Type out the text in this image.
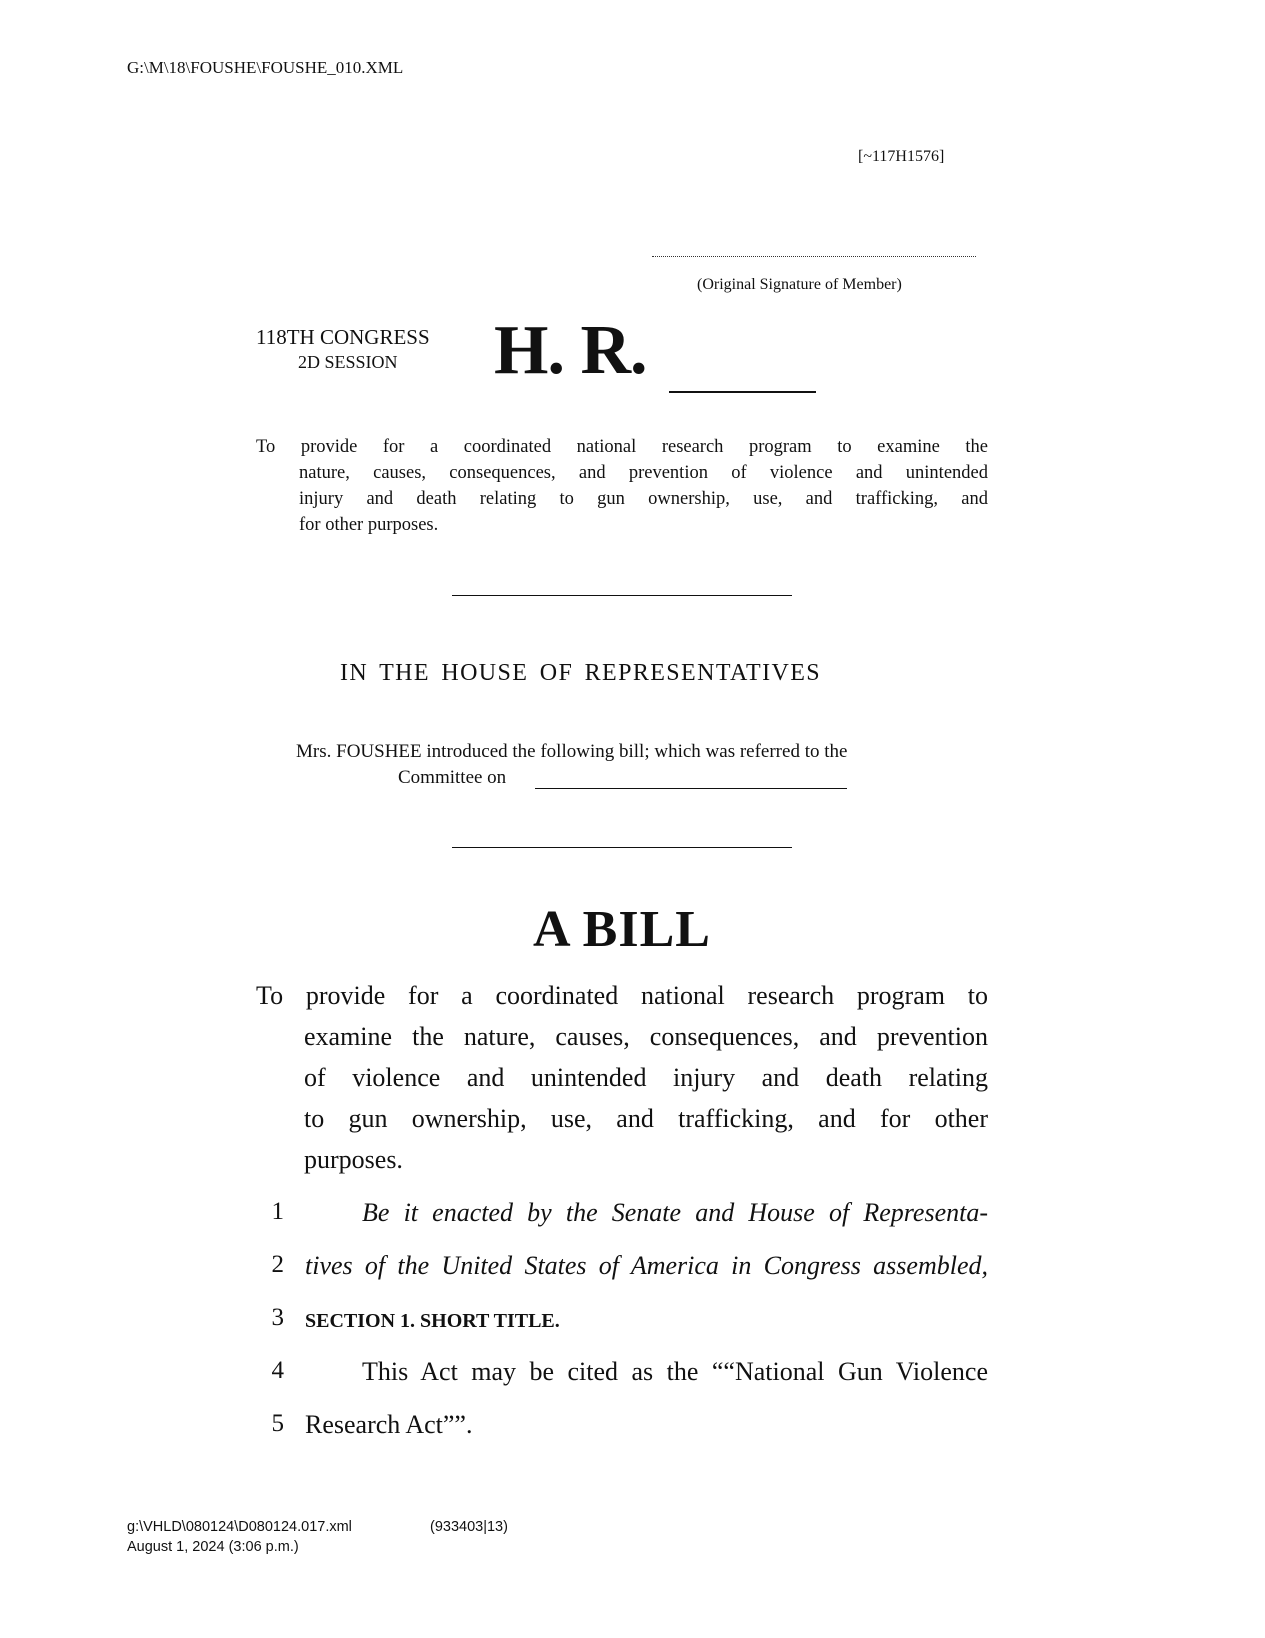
G:\M\18\FOUSHE\FOUSHE_010.XML
[~117H1576]
(Original Signature of Member)
118TH CONGRESS
2D SESSION H. R.
To provide for a coordinated national research program to examine the
nature, causes, consequences, and prevention of violence and unintended
injury and death relating to gun ownership, use, and trafficking, and
for other purposes.
IN THE HOUSE OF REPRESENTATIVES
Mrs. FOUSHEE introduced the following bill; which was referred to the
Committee on
A BILL
To provide for a coordinated national research program to
examine the nature, causes, consequences, and prevention
of violence and unintended injury and death relating
to gun ownership, use, and trafficking, and for other
purposes.
1	Be it enacted by the Senate and House of Representa-
2 tives of the United States of America in Congress assembled,
3 SECTION 1. SHORT TITLE.
4	This Act may be cited as the ““National Gun Violence
5 Research Act””.
g:\VHLD\080124\D080124.017.xml	(933403|13)
August 1, 2024 (3:06 p.m.)
